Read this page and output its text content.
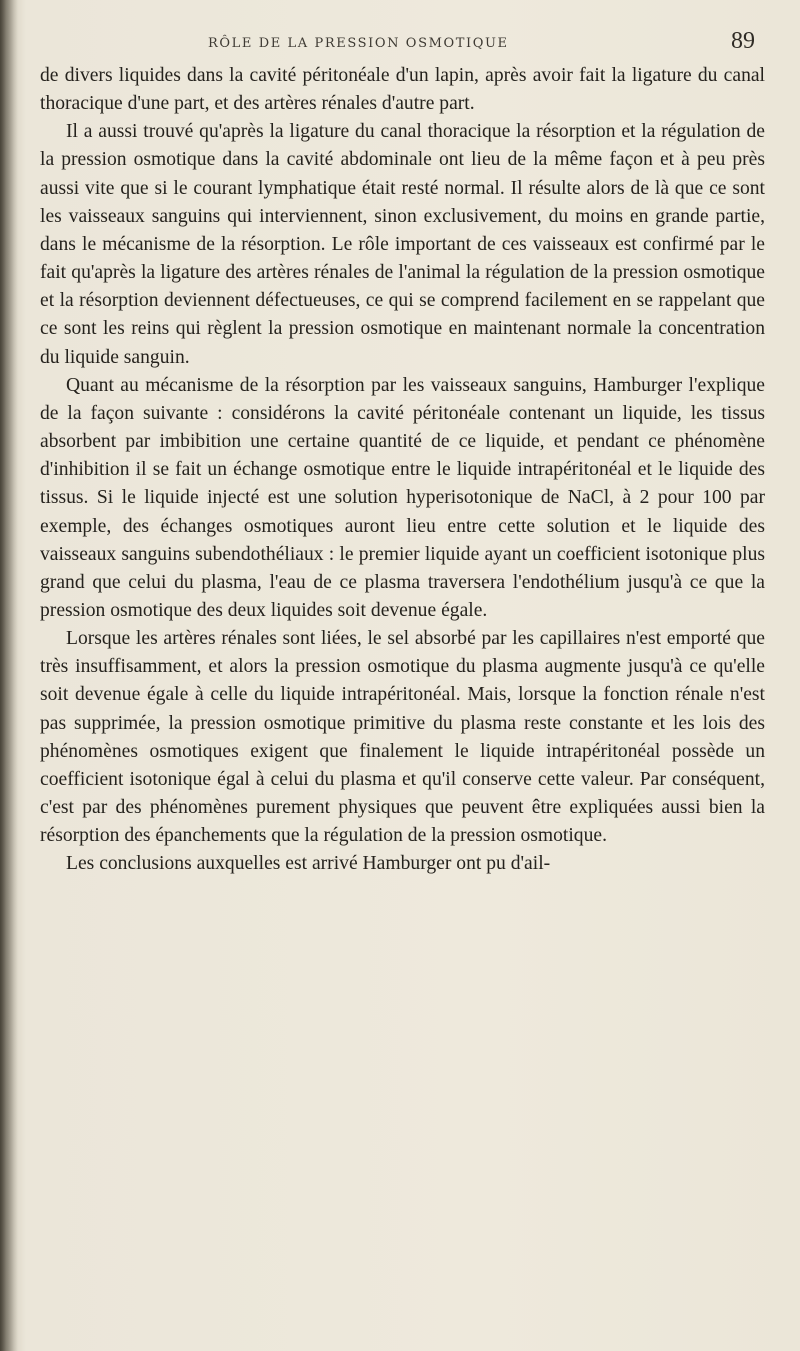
RÔLE DE LA PRESSION OSMOTIQUE	89

de divers liquides dans la cavité péritonéale d'un lapin, après avoir fait la ligature du canal thoracique d'une part, et des artères rénales d'autre part.

Il a aussi trouvé qu'après la ligature du canal thoracique la résorption et la régulation de la pression osmotique dans la cavité abdominale ont lieu de la même façon et à peu près aussi vite que si le courant lymphatique était resté normal. Il résulte alors de là que ce sont les vaisseaux sanguins qui interviennent, sinon exclusivement, du moins en grande partie, dans le mécanisme de la résorption. Le rôle important de ces vaisseaux est confirmé par le fait qu'après la ligature des artères rénales de l'animal la régulation de la pression osmotique et la résorption deviennent défectueuses, ce qui se comprend facilement en se rappelant que ce sont les reins qui règlent la pression osmotique en maintenant normale la concentration du liquide sanguin.

Quant au mécanisme de la résorption par les vaisseaux sanguins, Hamburger l'explique de la façon suivante : considérons la cavité péritonéale contenant un liquide, les tissus absorbent par imbibition une certaine quantité de ce liquide, et pendant ce phénomène d'inhibition il se fait un échange osmotique entre le liquide intrapéritonéal et le liquide des tissus. Si le liquide injecté est une solution hyperisotonique de NaCl, à 2 pour 100 par exemple, des échanges osmotiques auront lieu entre cette solution et le liquide des vaisseaux sanguins subendothéliaux : le premier liquide ayant un coefficient isotonique plus grand que celui du plasma, l'eau de ce plasma traversera l'endothélium jusqu'à ce que la pression osmotique des deux liquides soit devenue égale.

Lorsque les artères rénales sont liées, le sel absorbé par les capillaires n'est emporté que très insuffisamment, et alors la pression osmotique du plasma augmente jusqu'à ce qu'elle soit devenue égale à celle du liquide intrapéritonéal. Mais, lorsque la fonction rénale n'est pas supprimée, la pression osmotique primitive du plasma reste constante et les lois des phénomènes osmotiques exigent que finalement le liquide intrapéritonéal possède un coefficient isotonique égal à celui du plasma et qu'il conserve cette valeur. Par conséquent, c'est par des phénomènes purement physiques que peuvent être expliquées aussi bien la résorption des épanchements que la régulation de la pression osmotique.

Les conclusions auxquelles est arrivé Hamburger ont pu d'ail-
